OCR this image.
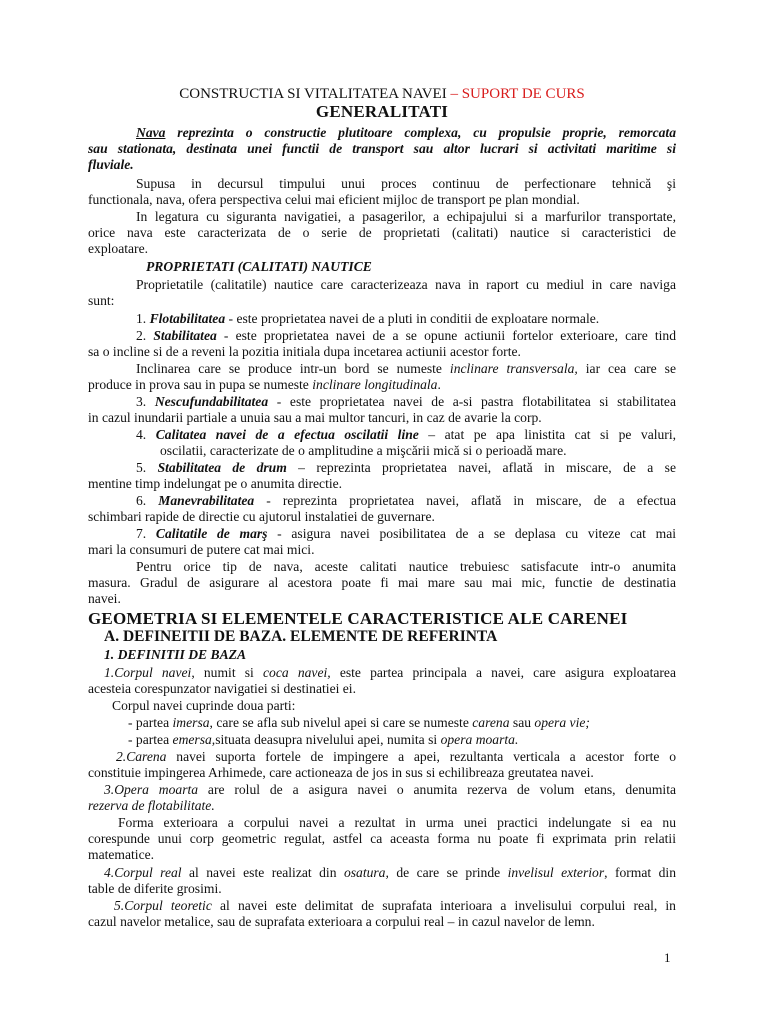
CONSTRUCTIA SI VITALITATEA NAVEI – SUPORT DE CURS
GENERALITATI
Nava reprezinta o constructie plutitoare complexa, cu propulsie proprie, remorcata
sau stationata, destinata unei functii de transport sau altor lucrari si activitati maritime si
fluviale.
Supusa in decursul timpului unui proces continuu de perfectionare tehnică şi
functionala, nava, ofera perspectiva celui mai eficient mijloc de transport pe plan mondial.
In legatura cu siguranta navigatiei, a pasagerilor, a echipajului si a marfurilor transportate,
orice nava este caracterizata de o serie de proprietati (calitati) nautice si caracteristici de
exploatare.
PROPRIETATI (CALITATI) NAUTICE
Proprietatile (calitatile) nautice care caracterizeaza nava in raport cu mediul in care naviga
sunt:
1. Flotabilitatea - este proprietatea navei de a pluti in conditii de exploatare normale.
2. Stabilitatea - este proprietatea navei de a se opune actiunii fortelor exterioare, care tind
sa o incline si de a reveni la pozitia initiala dupa incetarea actiunii acestor forte.
Inclinarea care se produce intr-un bord se numeste inclinare transversala, iar cea care se
produce in prova sau in pupa se numeste inclinare longitudinala.
3. Nescufundabilitatea - este proprietatea navei de a-si pastra flotabilitatea si stabilitatea
in cazul inundarii partiale a unuia sau a mai multor tancuri, in caz de avarie la corp.
4. Calitatea navei de a efectua oscilatii line – atat pe apa linistita cat si pe valuri,
oscilatii, caracterizate de o amplitudine a mişcării mică si o perioadă mare.
5. Stabilitatea de drum – reprezinta proprietatea navei, aflată in miscare, de a se
mentine timp indelungat pe o anumita directie.
6. Manevrabilitatea - reprezinta proprietatea navei, aflată in miscare, de a efectua
schimbari rapide de directie cu ajutorul instalatiei de guvernare.
7. Calitatile de marş - asigura navei posibilitatea de a se deplasa cu viteze cat mai
mari la consumuri de putere cat mai mici.
Pentru orice tip de nava, aceste calitati nautice trebuiesc satisfacute intr-o anumita
masura. Gradul de asigurare al acestora poate fi mai mare sau mai mic, functie de destinatia
navei.
GEOMETRIA SI ELEMENTELE CARACTERISTICE ALE CARENEI
A. DEFINEITII DE BAZA. ELEMENTE DE REFERINTA
1. DEFINITII DE BAZA
1.Corpul navei, numit si coca navei, este partea principala a navei, care asigura exploatarea
acesteia corespunzator navigatiei si destinatiei ei.
Corpul navei cuprinde doua parti:
- partea imersa, care se afla sub nivelul apei si care se numeste carena sau opera vie;
- partea emersa,situata deasupra nivelului apei, numita si opera moarta.
2.Carena navei suporta fortele de impingere a apei, rezultanta verticala a acestor forte o
constituie impingerea Arhimede, care actioneaza de jos in sus si echilibreaza greutatea navei.
3.Opera moarta are rolul de a asigura navei o anumita rezerva de volum etans, denumita
rezerva de flotabilitate.
Forma exterioara a corpului navei a rezultat in urma unei practici indelungate si ea nu
corespunde unui corp geometric regulat, astfel ca aceasta forma nu poate fi exprimata prin relatii
matematice.
4.Corpul real al navei este realizat din osatura, de care se prinde invelisul exterior, format din
table de diferite grosimi.
5.Corpul teoretic al navei este delimitat de suprafata interioara a invelisului corpului real, in
cazul navelor metalice, sau de suprafata exterioara a corpului real – in cazul navelor de lemn.
1
